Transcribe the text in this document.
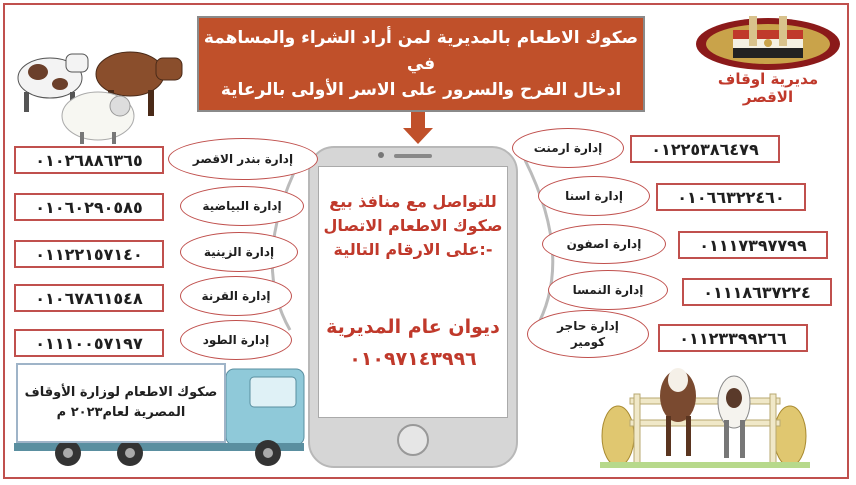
مديرية اوقاف الاقصر
صكوك الاطعام بالمديرية لمن أراد الشراء والمساهمة في
ادخال الفرح والسرور على الاسر الأولى بالرعاية
للتواصل مع منافذ بيع
صكوك الاطعام الاتصال
على الارقام التالية:-
ديوان عام المديرية
٠١٠٩٧١٤٣٩٩٦
٠١٠٢٦٨٨٦٣٦٥	إدارة بندر الاقصر
٠١٠٦٠٢٩٠٥٨٥	إدارة البياضية
٠١١٢٢١٥٧١٤٠	إدارة الزينية
٠١٠٦٧٨٦١٥٤٨	إدارة القرنة
٠١١١٠٠٥٧١٩٧	إدارة الطود
إدارة ارمنت	٠١٢٢٥٣٨٦٤٧٩
إدارة اسنا	٠١٠٦٦٣٢٢٤٦٠
إدارة اصفون	٠١١١٧٣٩٧٧٩٩
إدارة النمسا	٠١١١٨٦٣٧٢٢٤
إدارة حاجر كومير	٠١١٢٣٣٩٩٢٦٦
صكوك الاطعام لوزارة الأوقاف
المصرية لعام٢٠٢٣ م
